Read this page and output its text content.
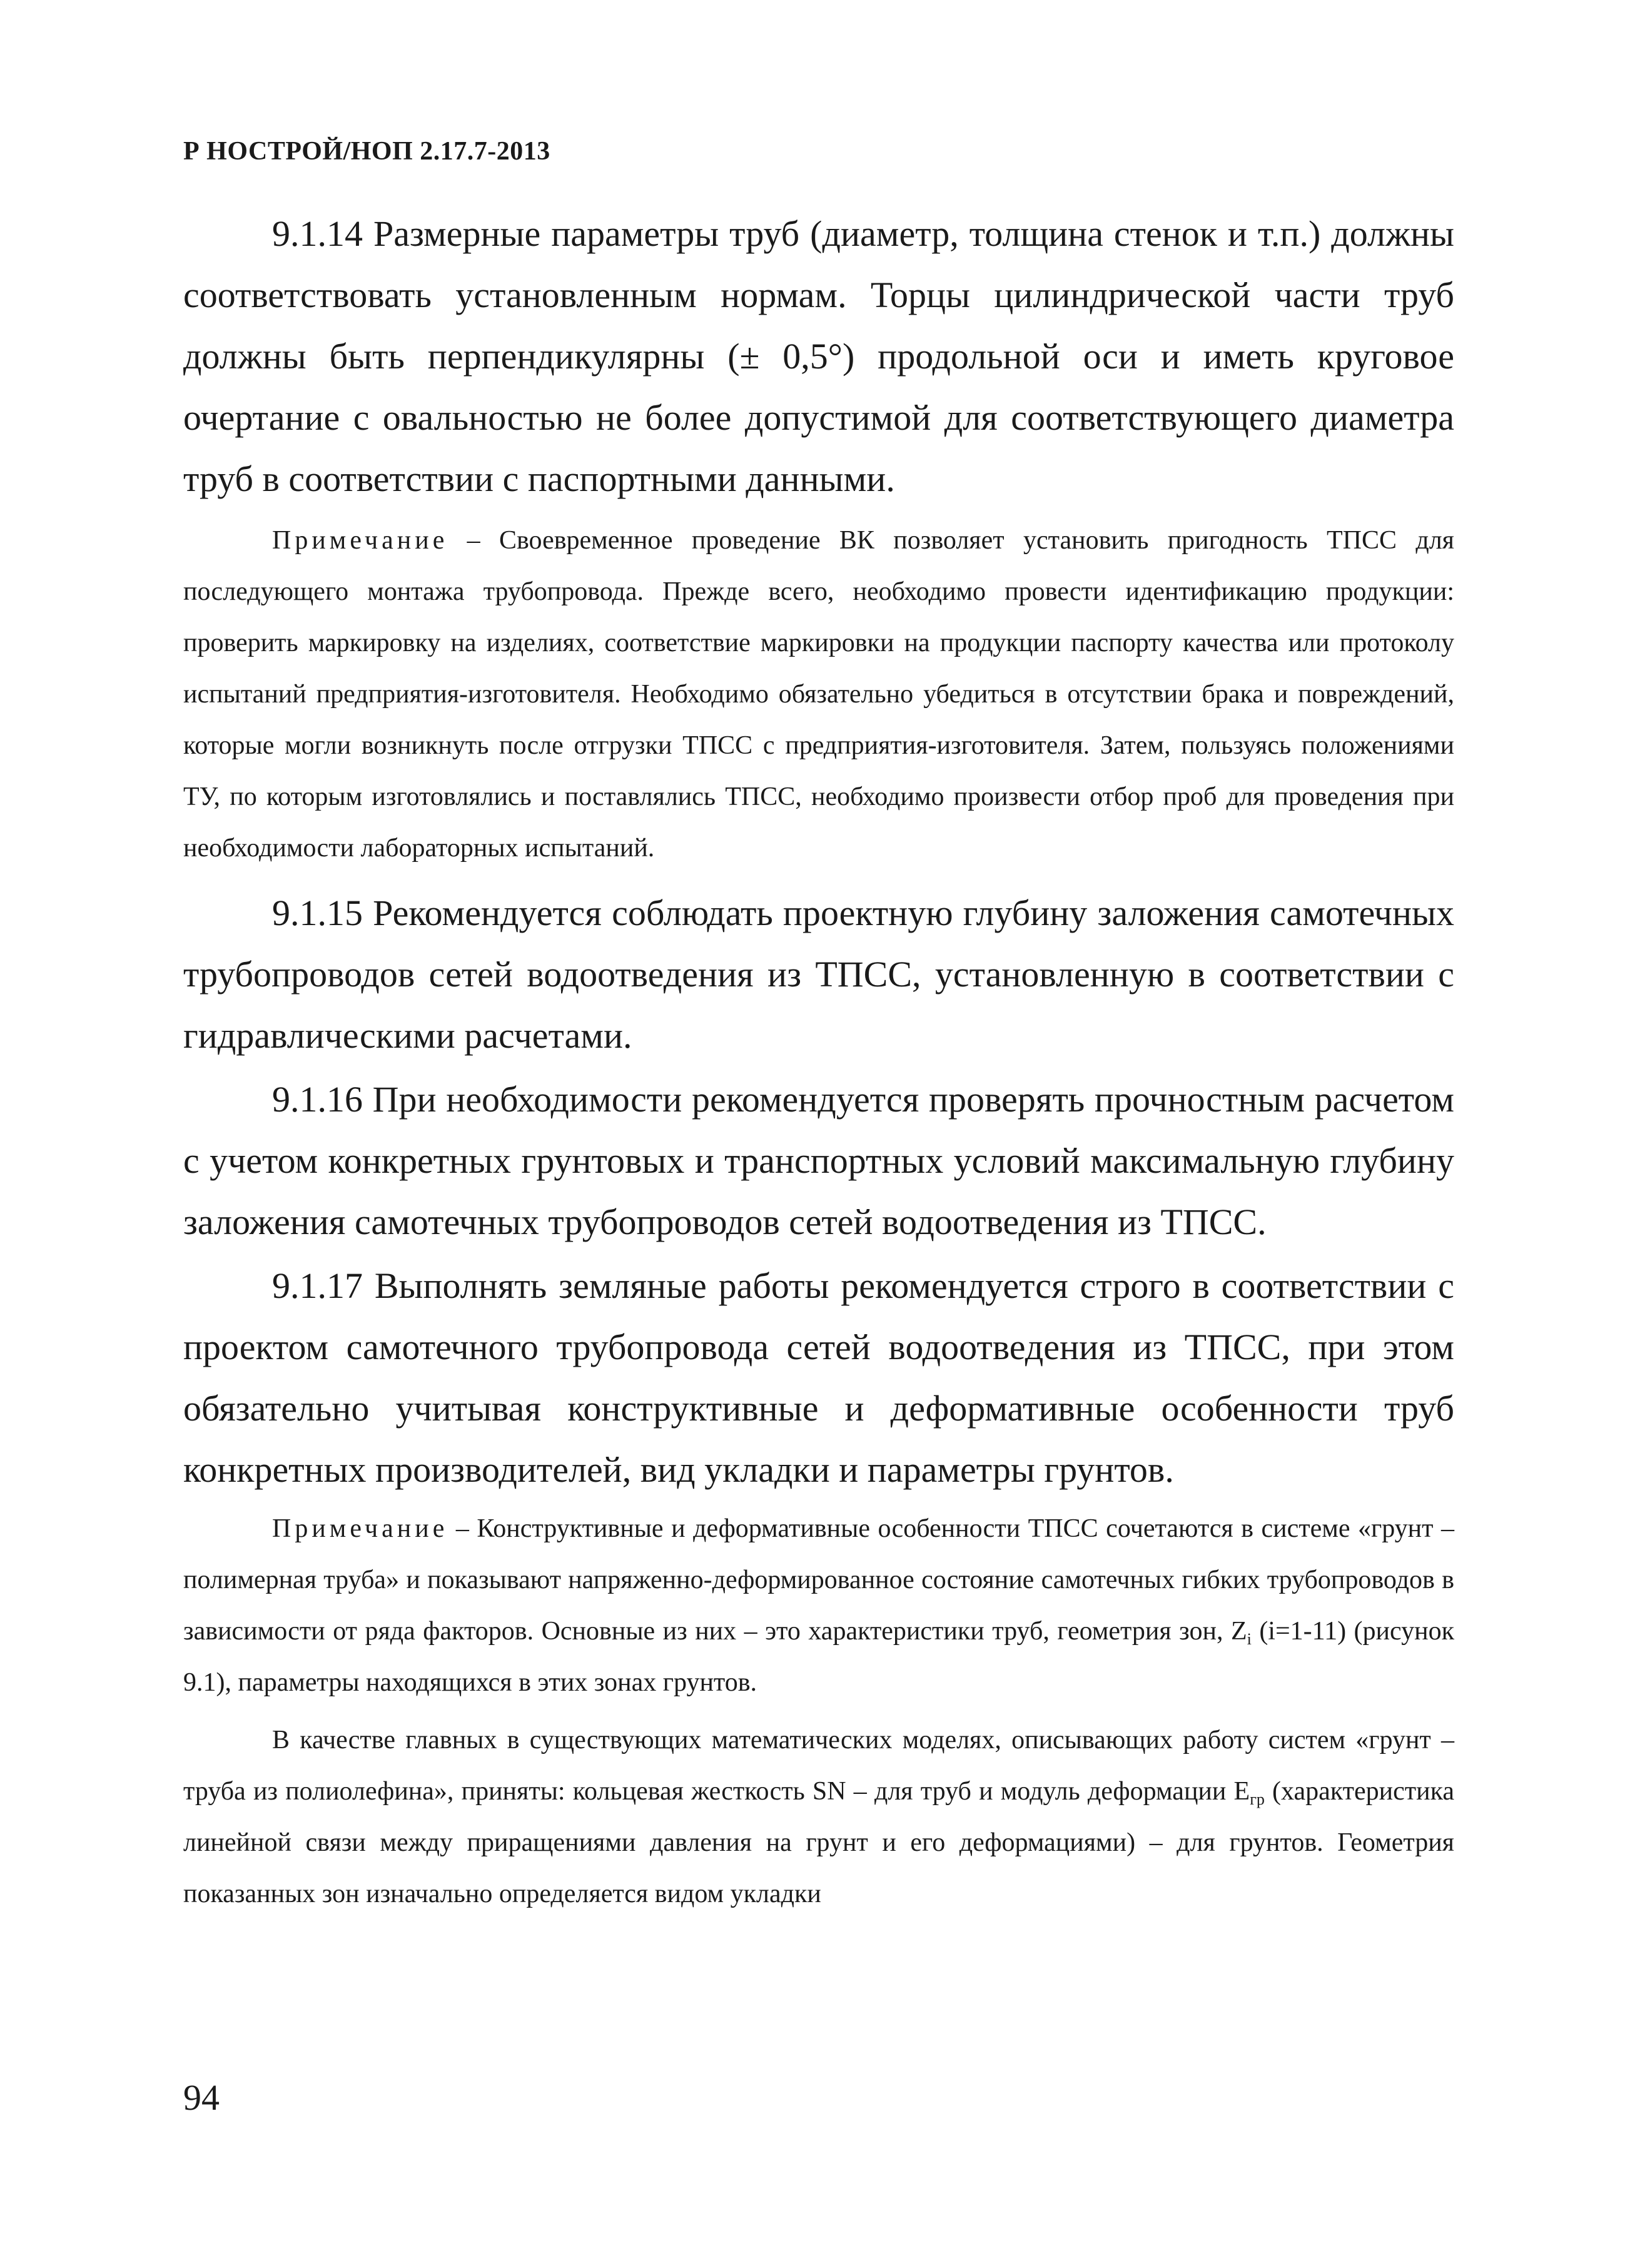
Р НОСТРОЙ/НОП 2.17.7-2013

9.1.14 Размерные параметры труб (диаметр, толщина стенок и т.п.) должны соответствовать установленным нормам. Торцы цилиндрической части труб должны быть перпендикулярны (± 0,5°) продольной оси и иметь круговое очертание с овальностью не более допустимой для соответствующего диаметра труб в соответствии с паспортными данными.

Примечание – Своевременное проведение ВК позволяет установить пригодность ТПСС для последующего монтажа трубопровода. Прежде всего, необходимо провести идентификацию продукции: проверить маркировку на изделиях, соответствие маркировки на продукции паспорту качества или протоколу испытаний предприятия-изготовителя. Необходимо обязательно убедиться в отсутствии брака и повреждений, которые могли возникнуть после отгрузки ТПСС с предприятия-изготовителя. Затем, пользуясь положениями ТУ, по которым изготовлялись и поставлялись ТПСС, необходимо произвести отбор проб для проведения при необходимости лабораторных испытаний.

9.1.15 Рекомендуется соблюдать проектную глубину заложения самотечных трубопроводов сетей водоотведения из ТПСС, установленную в соответствии с гидравлическими расчетами.

9.1.16 При необходимости рекомендуется проверять прочностным расчетом с учетом конкретных грунтовых и транспортных условий максимальную глубину заложения самотечных трубопроводов сетей водоотведения из ТПСС.

9.1.17 Выполнять земляные работы рекомендуется строго в соответствии с проектом самотечного трубопровода сетей водоотведения из ТПСС, при этом обязательно учитывая конструктивные и деформативные особенности труб конкретных производителей, вид укладки и параметры грунтов.

Примечание – Конструктивные и деформативные особенности ТПСС сочетаются в системе «грунт – полимерная труба» и показывают напряженно-деформированное состояние самотечных гибких трубопроводов в зависимости от ряда факторов. Основные из них – это характеристики труб, геометрия зон, $Z_i$ (i=1-11) (рисунок 9.1), параметры находящихся в этих зонах грунтов.

В качестве главных в существующих математических моделях, описывающих работу систем «грунт – труба из полиолефина», приняты: кольцевая жесткость SN – для труб и модуль деформации $Е_{гр}$ (характеристика линейной связи между приращениями давления на грунт и его деформациями) – для грунтов. Геометрия показанных зон изначально определяется видом укладки

94
